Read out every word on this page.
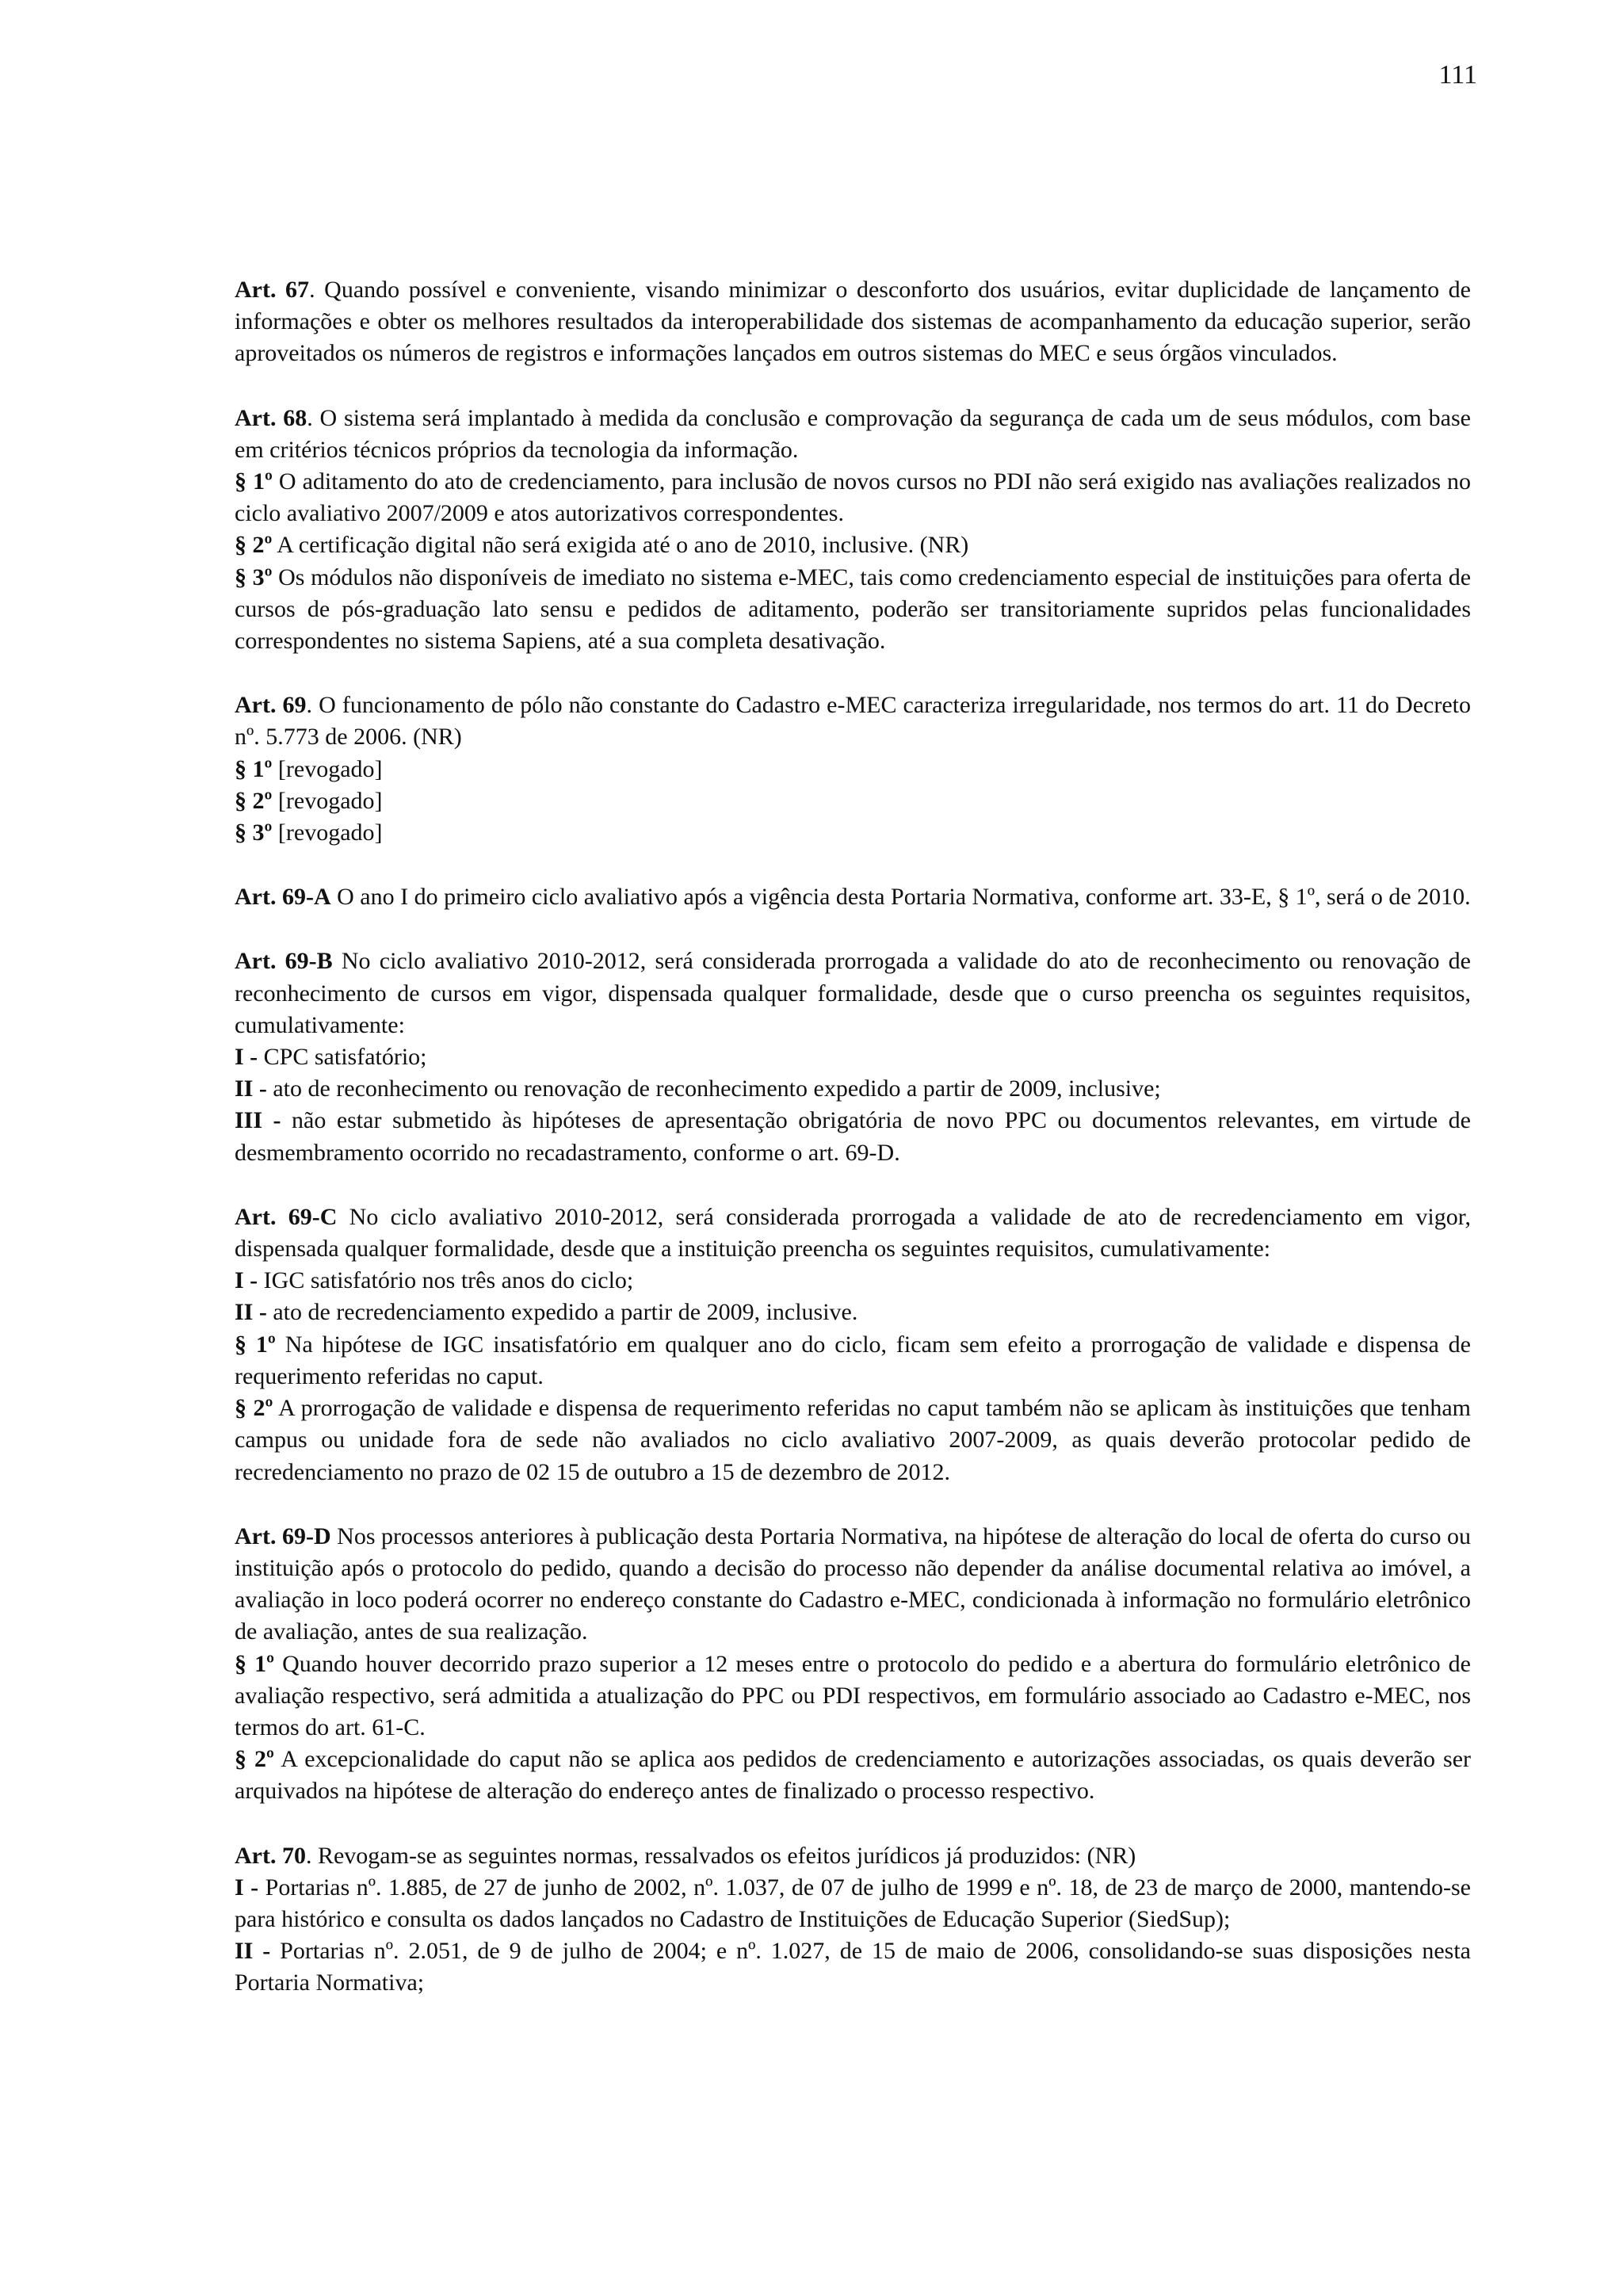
111

Art. 67. Quando possível e conveniente, visando minimizar o desconforto dos usuários, evitar duplicidade de lançamento de informações e obter os melhores resultados da interoperabilidade dos sistemas de acompanhamento da educação superior, serão aproveitados os números de registros e informações lançados em outros sistemas do MEC e seus órgãos vinculados.

Art. 68. O sistema será implantado à medida da conclusão e comprovação da segurança de cada um de seus módulos, com base em critérios técnicos próprios da tecnologia da informação.

§ 1º O aditamento do ato de credenciamento, para inclusão de novos cursos no PDI não será exigido nas avaliações realizados no ciclo avaliativo 2007/2009 e atos autorizativos correspondentes.

§ 2º A certificação digital não será exigida até o ano de 2010, inclusive. (NR)

§ 3º Os módulos não disponíveis de imediato no sistema e-MEC, tais como credenciamento especial de instituições para oferta de cursos de pós-graduação lato sensu e pedidos de aditamento, poderão ser transitoriamente supridos pelas funcionalidades correspondentes no sistema Sapiens, até a sua completa desativação.

Art. 69. O funcionamento de pólo não constante do Cadastro e-MEC caracteriza irregularidade, nos termos do art. 11 do Decreto nº. 5.773 de 2006. (NR)

§ 1º [revogado]

§ 2º [revogado]

§ 3º [revogado]

Art. 69-A O ano I do primeiro ciclo avaliativo após a vigência desta Portaria Normativa, conforme art. 33-E, § 1º, será o de 2010.

Art. 69-B No ciclo avaliativo 2010-2012, será considerada prorrogada a validade do ato de reconhecimento ou renovação de reconhecimento de cursos em vigor, dispensada qualquer formalidade, desde que o curso preencha os seguintes requisitos, cumulativamente:

I - CPC satisfatório;

II - ato de reconhecimento ou renovação de reconhecimento expedido a partir de 2009, inclusive;

III - não estar submetido às hipóteses de apresentação obrigatória de novo PPC ou documentos relevantes, em virtude de desmembramento ocorrido no recadastramento, conforme o art. 69-D.

Art. 69-C No ciclo avaliativo 2010-2012, será considerada prorrogada a validade de ato de recredenciamento em vigor, dispensada qualquer formalidade, desde que a instituição preencha os seguintes requisitos, cumulativamente:

I - IGC satisfatório nos três anos do ciclo;

II - ato de recredenciamento expedido a partir de 2009, inclusive.

§ 1º Na hipótese de IGC insatisfatório em qualquer ano do ciclo, ficam sem efeito a prorrogação de validade e dispensa de requerimento referidas no caput.

§ 2º A prorrogação de validade e dispensa de requerimento referidas no caput também não se aplicam às instituições que tenham campus ou unidade fora de sede não avaliados no ciclo avaliativo 2007-2009, as quais deverão protocolar pedido de recredenciamento no prazo de 02 15 de outubro a 15 de dezembro de 2012.

Art. 69-D Nos processos anteriores à publicação desta Portaria Normativa, na hipótese de alteração do local de oferta do curso ou instituição após o protocolo do pedido, quando a decisão do processo não depender da análise documental relativa ao imóvel, a avaliação in loco poderá ocorrer no endereço constante do Cadastro e-MEC, condicionada à informação no formulário eletrônico de avaliação, antes de sua realização.

§ 1º Quando houver decorrido prazo superior a 12 meses entre o protocolo do pedido e a abertura do formulário eletrônico de avaliação respectivo, será admitida a atualização do PPC ou PDI respectivos, em formulário associado ao Cadastro e-MEC, nos termos do art. 61-C.

§ 2º A excepcionalidade do caput não se aplica aos pedidos de credenciamento e autorizações associadas, os quais deverão ser arquivados na hipótese de alteração do endereço antes de finalizado o processo respectivo.

Art. 70. Revogam-se as seguintes normas, ressalvados os efeitos jurídicos já produzidos: (NR)

I - Portarias nº. 1.885, de 27 de junho de 2002, nº. 1.037, de 07 de julho de 1999 e nº. 18, de 23 de março de 2000, mantendo-se para histórico e consulta os dados lançados no Cadastro de Instituições de Educação Superior (SiedSup);

II - Portarias nº. 2.051, de 9 de julho de 2004; e nº. 1.027, de 15 de maio de 2006, consolidando-se suas disposições nesta Portaria Normativa;
